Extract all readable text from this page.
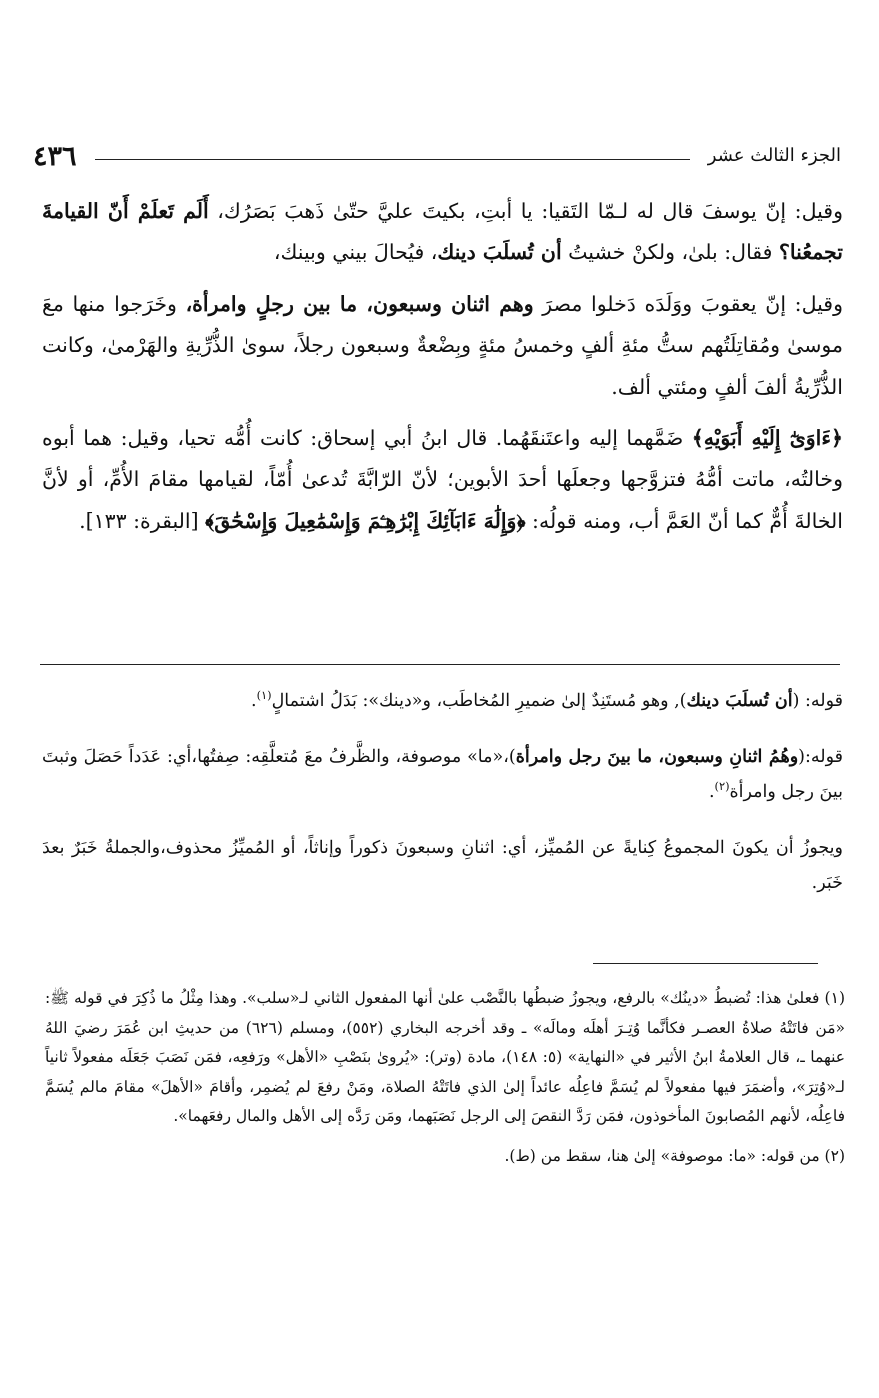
الجزء الثالث عشر
٤٣٦

وقيل: إنّ يوسفَ قال له لـمّا التَقيا: يا أبتِ، بكيتَ عليَّ حتّىٰ ذَهبَ بَصَرُك، أَلَم تَعلَمْ أَنّ القيامةَ تجمعُنا؟ فقال: بلىٰ، ولكنْ خشيتُ أن تُسلَبَ دينك، فيُحالَ بيني وبينك،

وقيل: إنّ يعقوبَ ووَلَدَه دَخلوا مصرَ وهم اثنان وسبعون، ما بين رجلٍ وامرأة، وخَرَجوا منها معَ موسىٰ ومُقاتِلَتُهم ستُّ مئةِ ألفٍ وخمسُ مئةٍ وبِضْعةٌ وسبعون رجلاً، سوىٰ الذُّرِّيةِ والهَرْمىٰ، وكانت الذُّرِّيةُ ألفَ ألفٍ ومئتي ألف.

﴿ءَاوَىٰٓ إِلَيْهِ أَبَوَيْهِ﴾ ضَمَّهما إليه واعتَنقَهُما. قال ابنُ أبي إسحاق: كانت أُمُّه تحيا، وقيل: هما أبوه وخالتُه، ماتت أمُّهُ فتزوَّجها وجعلَها أحدَ الأبوين؛ لأنّ الرّابَّةَ تُدعىٰ أُمّاً، لقيامها مقامَ الأُمِّ، أو لأنَّ الخالةَ أُمٌّ كما أنّ العَمَّ أب، ومنه قولُه: ﴿وَإِلَٰهَ ءَابَآئِكَ إِبْرَٰهِـۧمَ وَإِسْمَٰعِيلَ وَإِسْحَٰقَ﴾ [البقرة: ١٣٣].

قوله: (أن تُسلَبَ دينك), وهو مُستَنِدٌ إلىٰ ضميرِ المُخاطَب، و«دينك»: بَدَلُ اشتمالٍ$^{(١)}$.

قوله:(وهُمُ اثنانِ وسبعون، ما بينَ رجل وامرأة)،«ما» موصوفة، والظَّرفُ معَ مُتعلَّقِه: صِفتُها،أي: عَدَداً حَصَلَ وثبتَ بينَ رجل وامرأة$^{(٢)}$.

ويجوزُ أن يكونَ المجموعُ كِنايةً عن المُميِّز، أي: اثنانِ وسبعونَ ذكوراً وإناثاً، أو المُميِّزُ محذوف،والجملةُ خَبَرٌ بعدَ خَبَر.

(١) فعلىٰ هذا: تُضبطُ «دينُك» بالرفع، ويجوزُ ضبطُها بالنَّصْب علىٰ أنها المفعول الثاني لـ«سلب». وهذا مِثْلُ ما ذُكِرَ في قوله ﷺ: «مَن فاتَتْهُ صلاةُ العصـر فكأنَّما وُتِـرَ أهلَه ومالَه» ـ وقد أخرجه البخاري (٥٥٢)، ومسلم (٦٢٦) من حديثِ ابن عُمَرَ رضيَ اللهُ عنهما ـ، قال العلامةُ ابنُ الأثير في «النهاية» (٥: ١٤٨)، مادة (وتر): «يُروىٰ بنَصْبِ «الأهل» ورَفعِه، فمَن نَصَبَ جَعَلَه مفعولاً ثانياً لـ«وُتِرَ»، وأضمَرَ فيها مفعولاً لم يُسَمَّ فاعِلُه عائداً إلىٰ الذي فاتَتْهُ الصلاة، ومَنْ رفعَ لم يُضمِر، وأقامَ «الأهلَ» مقامَ مالم يُسَمَّ فاعِلُه، لأنهم المُصابونَ المأخوذون، فمَن رَدَّ النقصَ إلى الرجل نَصَبَهما، ومَن رَدَّه إلى الأهل والمال رفعَهما».

(٢) من قوله: «ما: موصوفة» إلىٰ هنا، سقط من (ط).
